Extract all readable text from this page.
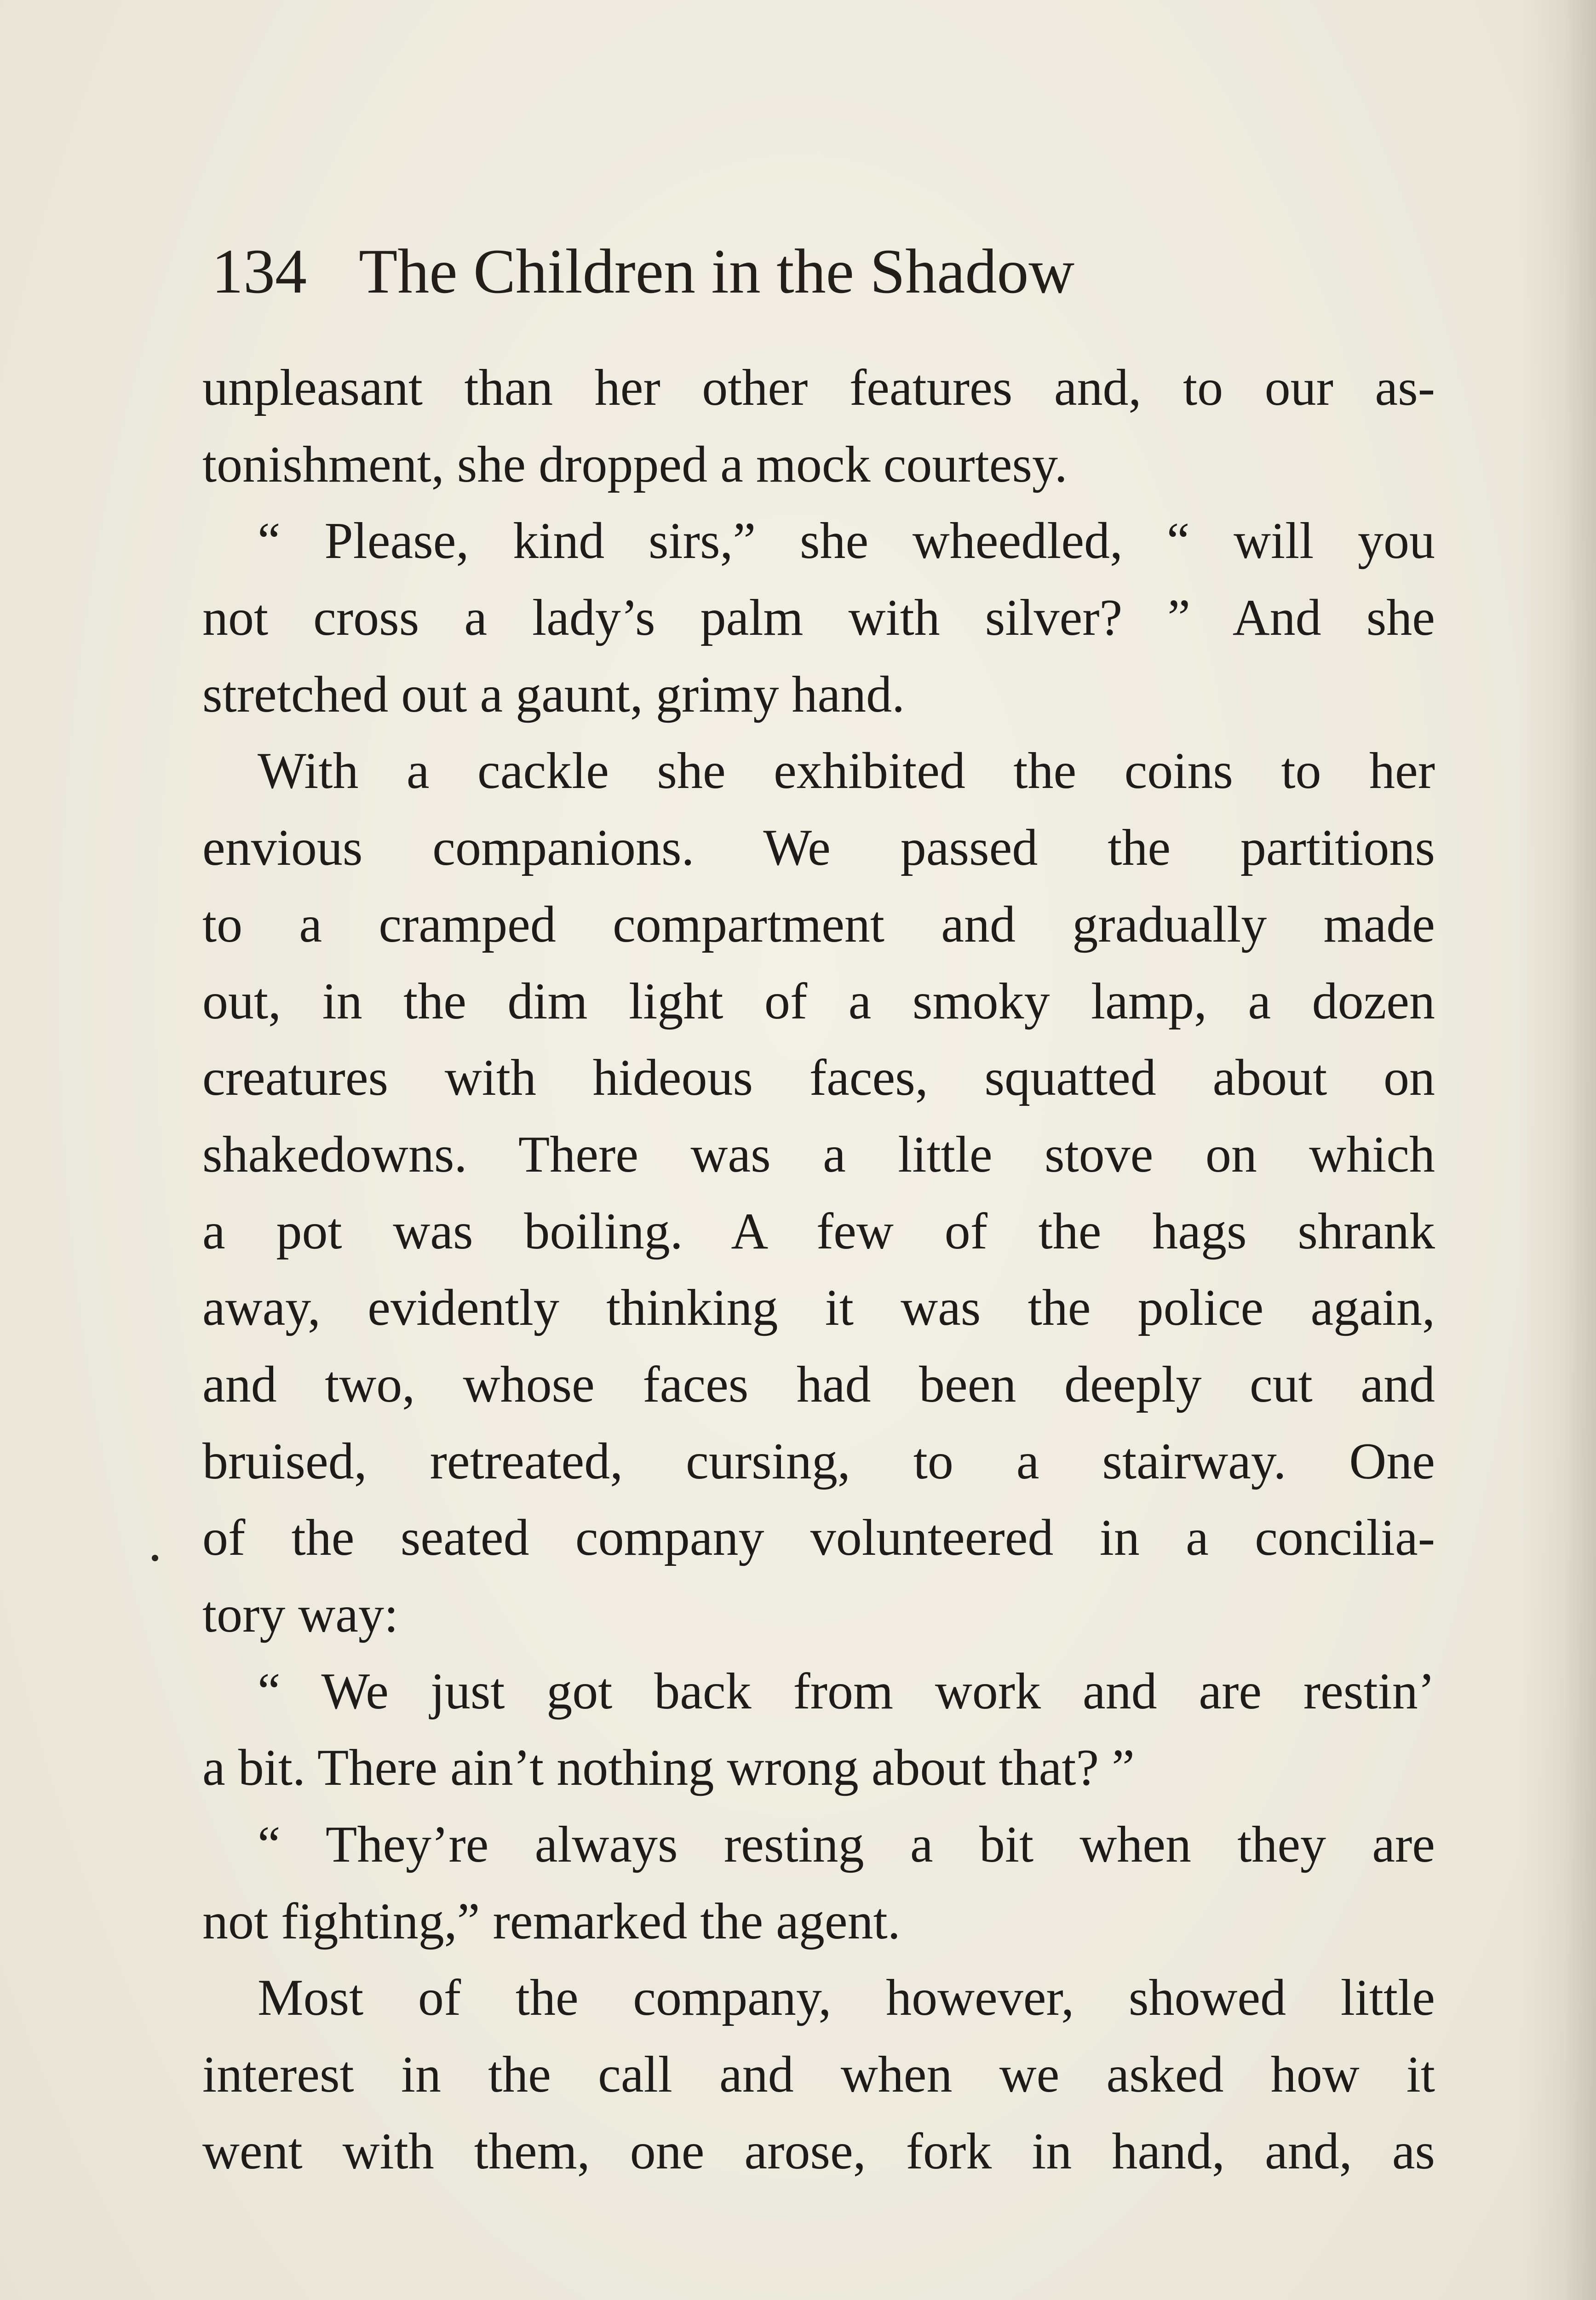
134 The Children in the Shadow
unpleasant than her other features and, to our as-
tonishment, she dropped a mock courtesy.
“ Please, kind sirs,” she wheedled, “ will you
not cross a lady’s palm with silver? ” And she
stretched out a gaunt, grimy hand.
With a cackle she exhibited the coins to her
envious companions. We passed the partitions
to a cramped compartment and gradually made
out, in the dim light of a smoky lamp, a dozen
creatures with hideous faces, squatted about on
shakedowns. There was a little stove on which
a pot was boiling. A few of the hags shrank
away, evidently thinking it was the police again,
and two, whose faces had been deeply cut and
bruised, retreated, cursing, to a stairway. One
of the seated company volunteered in a concilia-
tory way:
“ We just got back from work and are restin’
a bit. There ain’t nothing wrong about that? ”
“ They’re always resting a bit when they are
not fighting,” remarked the agent.
Most of the company, however, showed little
interest in the call and when we asked how it
went with them, one arose, fork in hand, and, as
